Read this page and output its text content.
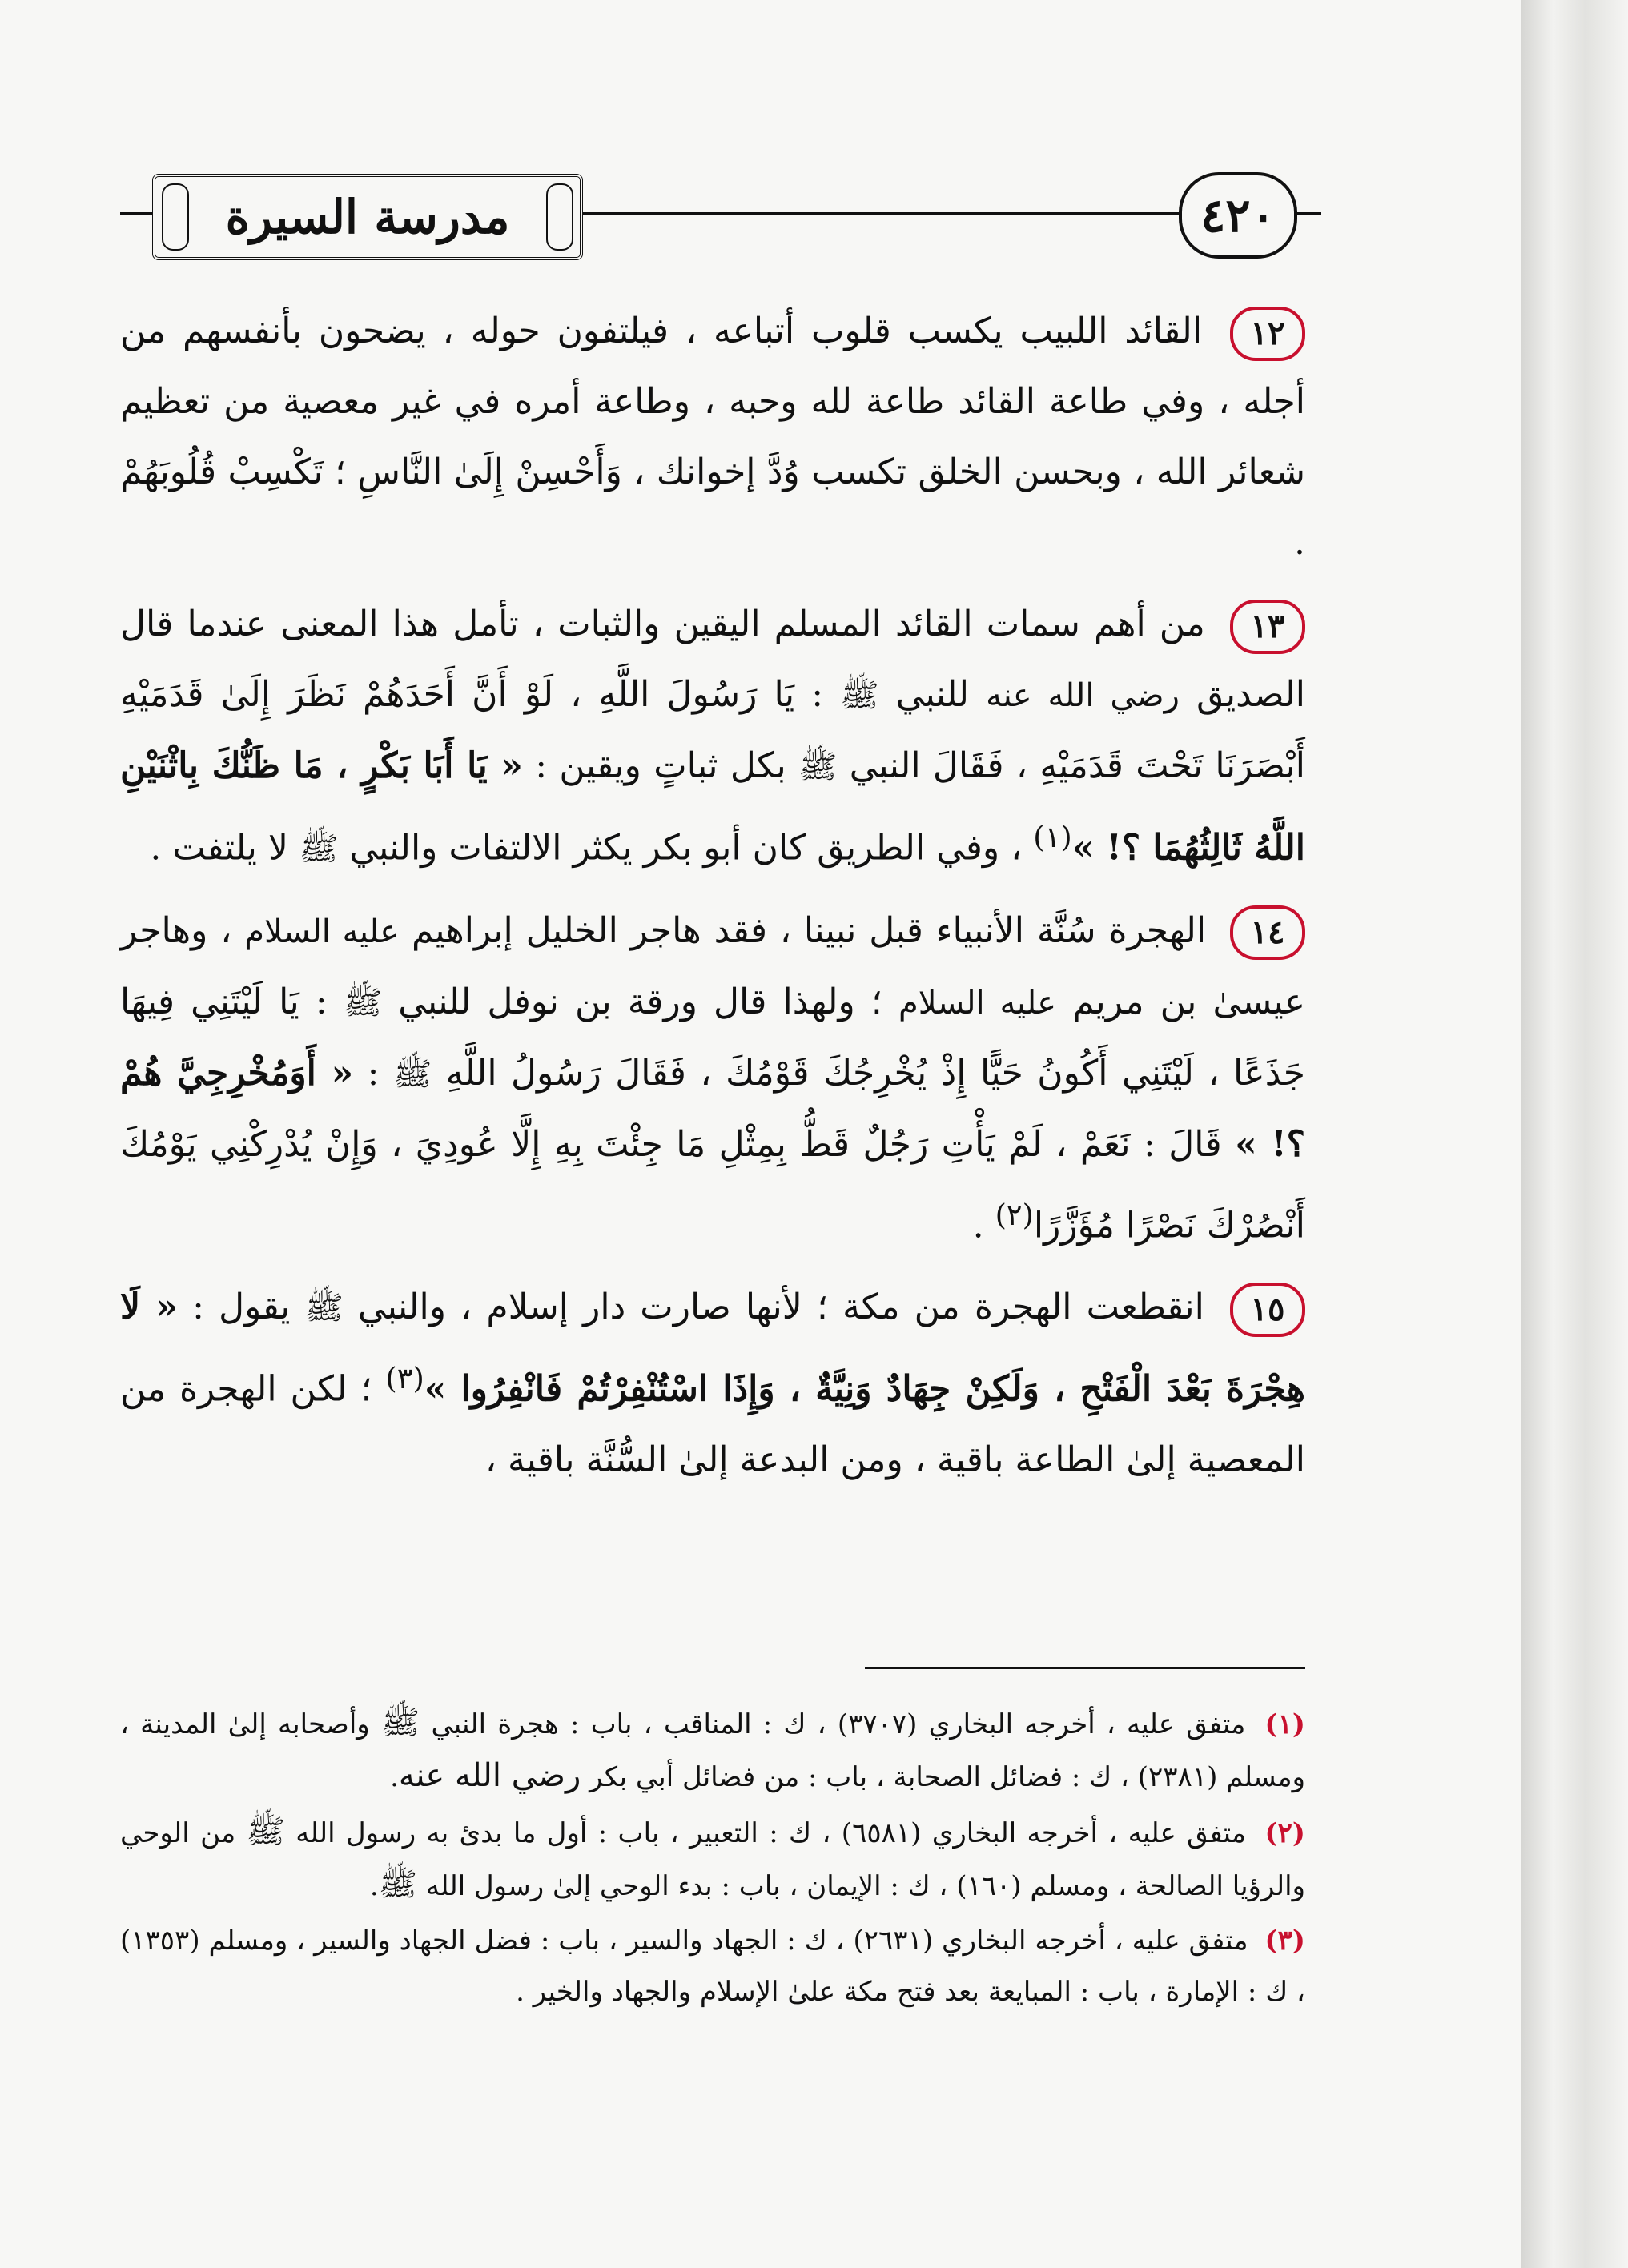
مدرسة السيرة	٤٢٠

١٢ القائد اللبيب يكسب قلوب أتباعه ، فيلتفون حوله ، يضحون بأنفسهم من أجله ، وفي طاعة القائد طاعة لله وحبه ، وطاعة أمره في غير معصية من تعظيم شعائر الله ، وبحسن الخلق تكسب وُدَّ إخوانك ، وَأَحْسِنْ إِلَىٰ النَّاسِ ؛ تَكْسِبْ قُلُوبَهُمْ .

١٣ من أهم سمات القائد المسلم اليقين والثبات ، تأمل هذا المعنى عندما قال الصديق رضي الله عنه للنبي ﷺ : يَا رَسُولَ اللَّهِ ، لَوْ أَنَّ أَحَدَهُمْ نَظَرَ إِلَىٰ قَدَمَيْهِ أَبْصَرَنَا تَحْتَ قَدَمَيْهِ ، فَقَالَ النبي ﷺ بكل ثباتٍ ويقين : « يَا أَبَا بَكْرٍ ، مَا ظَنُّكَ بِاثْنَيْنِ اللَّهُ ثَالِثُهُمَا ؟! »$^{(١)}$ ، وفي الطريق كان أبو بكر يكثر الالتفات والنبي ﷺ لا يلتفت .

١٤ الهجرة سُنَّة الأنبياء قبل نبينا ، فقد هاجر الخليل إبراهيم عليه السلام ، وهاجر عيسىٰ بن مريم عليه السلام ؛ ولهذا قال ورقة بن نوفل للنبي ﷺ : يَا لَيْتَنِي فِيهَا جَذَعًا ، لَيْتَنِي أَكُونُ حَيًّا إِذْ يُخْرِجُكَ قَوْمُكَ ، فَقَالَ رَسُولُ اللَّهِ ﷺ : « أَوَمُخْرِجِيَّ هُمْ ؟! » قَالَ : نَعَمْ ، لَمْ يَأْتِ رَجُلٌ قَطُّ بِمِثْلِ مَا جِئْتَ بِهِ إِلَّا عُودِيَ ، وَإِنْ يُدْرِكْنِي يَوْمُكَ أَنْصُرْكَ نَصْرًا مُؤَزَّرًا$^{(٢)}$ .

١٥ انقطعت الهجرة من مكة ؛ لأنها صارت دار إسلام ، والنبي ﷺ يقول : « لَا هِجْرَةَ بَعْدَ الْفَتْحِ ، وَلَكِنْ جِهَادٌ وَنِيَّةٌ ، وَإِذَا اسْتُنْفِرْتُمْ فَانْفِرُوا »$^{(٣)}$ ؛ لكن الهجرة من المعصية إلىٰ الطاعة باقية ، ومن البدعة إلىٰ السُّنَّة باقية ،

(١) متفق عليه ، أخرجه البخاري (٣٧٠٧) ، ك : المناقب ، باب : هجرة النبي ﷺ وأصحابه إلىٰ المدينة ، ومسلم (٢٣٨١) ، ك : فضائل الصحابة ، باب : من فضائل أبي بكر رضي الله عنه.

(٢) متفق عليه ، أخرجه البخاري (٦٥٨١) ، ك : التعبير ، باب : أول ما بدئ به رسول الله ﷺ من الوحي والرؤيا الصالحة ، ومسلم (١٦٠) ، ك : الإيمان ، باب : بدء الوحي إلىٰ رسول الله ﷺ.

(٣) متفق عليه ، أخرجه البخاري (٢٦٣١) ، ك : الجهاد والسير ، باب : فضل الجهاد والسير ، ومسلم (١٣٥٣) ، ك : الإمارة ، باب : المبايعة بعد فتح مكة علىٰ الإسلام والجهاد والخير .
